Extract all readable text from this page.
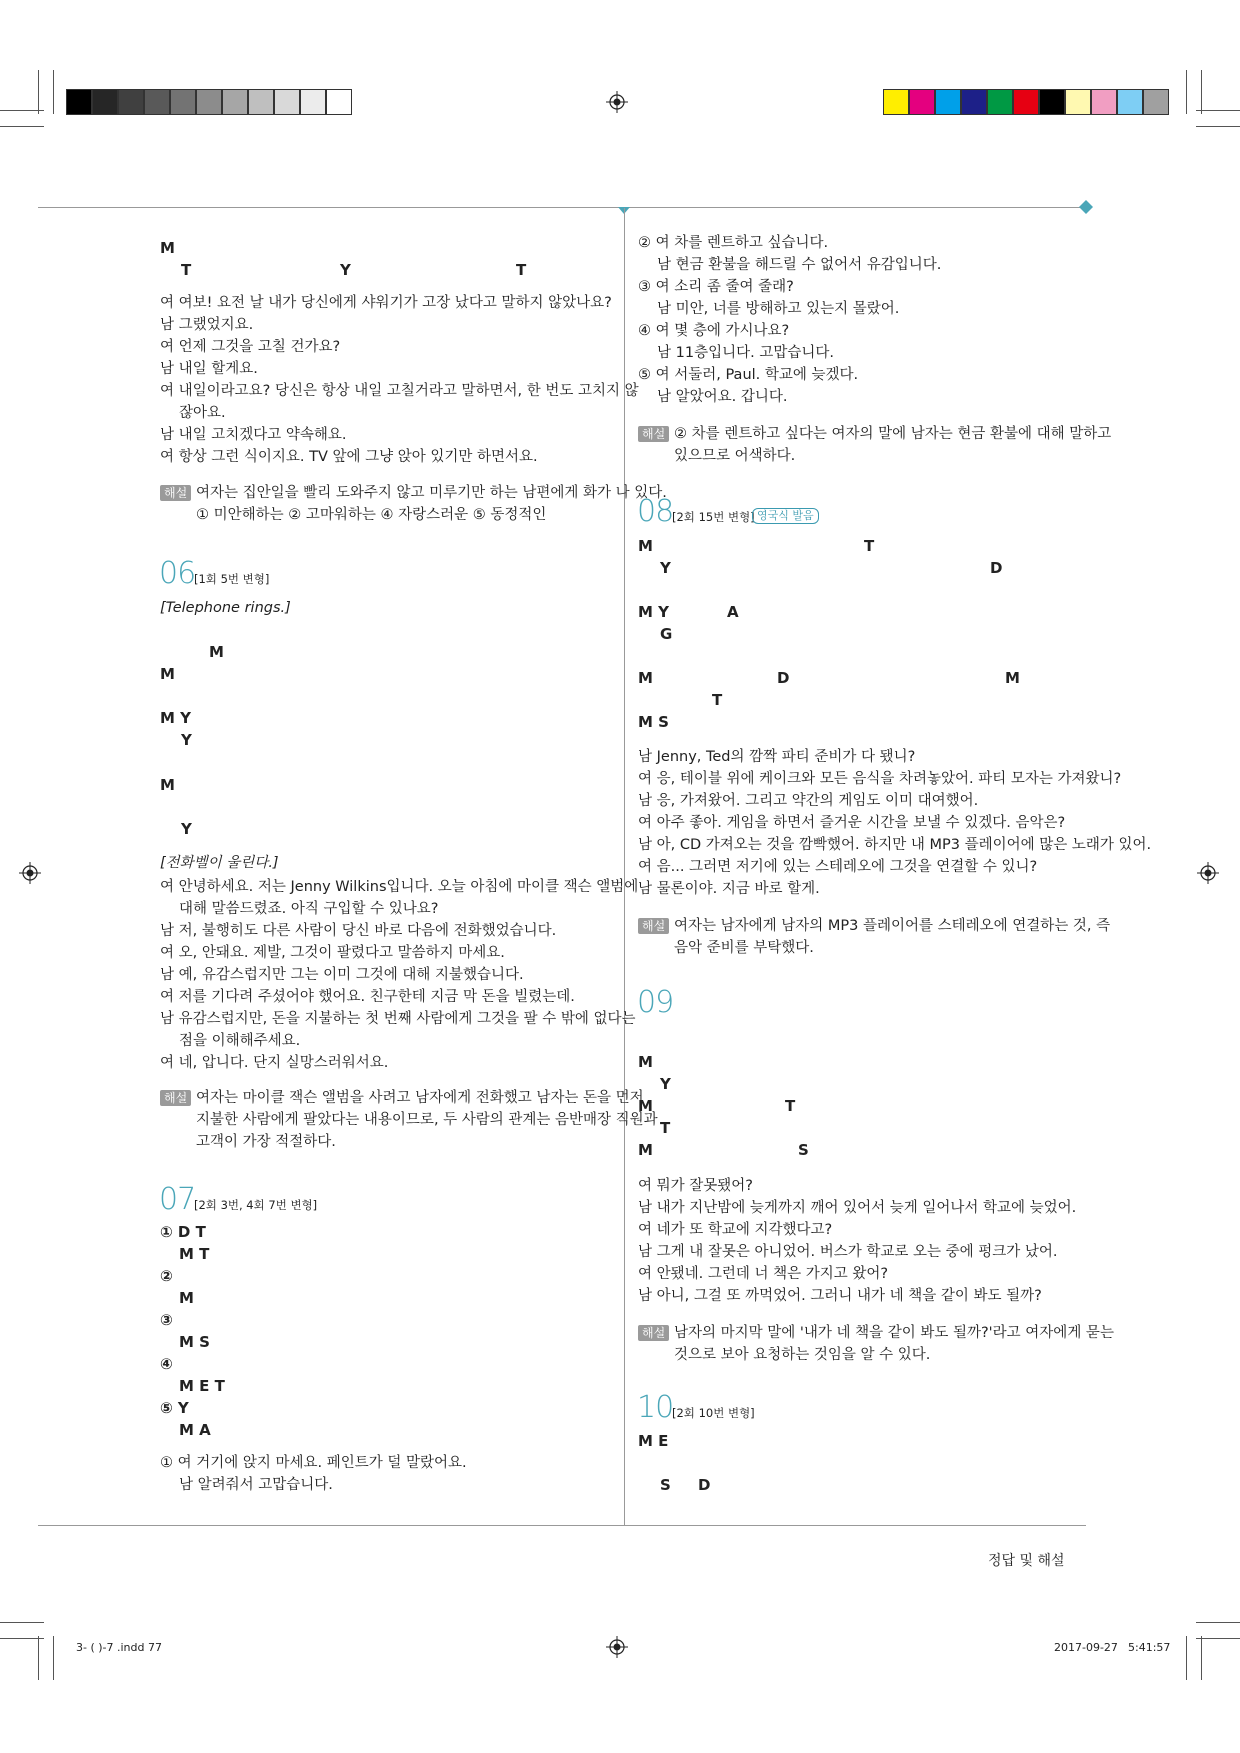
M
T	Y	T
여 여보! 요전 날 내가 당신에게 샤워기가 고장 났다고 말하지 않았나요?
남 그랬었지요.
여 언제 그것을 고칠 건가요?
남 내일 할게요.
여 내일이라고요? 당신은 항상 내일 고칠거라고 말하면서, 한 번도 고치지 않
잖아요.
남 내일 고치겠다고 약속해요.
여 항상 그런 식이지요. TV 앞에 그냥 앉아 있기만 하면서요.
해설 여자는 집안일을 빨리 도와주지 않고 미루기만 하는 남편에게 화가 나 있다.
① 미안해하는 ② 고마워하는 ④ 자랑스러운 ⑤ 동정적인
06
[1회 5번 변형]
[Telephone rings.]
M
M
M Y
Y
M
Y
[전화벨이 울린다.]
여 안녕하세요. 저는 Jenny Wilkins입니다. 오늘 아침에 마이클 잭슨 앨범에
대해 말씀드렸죠. 아직 구입할 수 있나요?
남 저, 불행히도 다른 사람이 당신 바로 다음에 전화했었습니다.
여 오, 안돼요. 제발, 그것이 팔렸다고 말씀하지 마세요.
남 예, 유감스럽지만 그는 이미 그것에 대해 지불했습니다.
여 저를 기다려 주셨어야 했어요. 친구한테 지금 막 돈을 빌렸는데.
남 유감스럽지만, 돈을 지불하는 첫 번째 사람에게 그것을 팔 수 밖에 없다는
점을 이해해주세요.
여 네, 압니다. 단지 실망스러워서요.
해설 여자는 마이클 잭슨 앨범을 사려고 남자에게 전화했고 남자는 돈을 먼저
지불한 사람에게 팔았다는 내용이므로, 두 사람의 관계는 음반매장 직원과
고객이 가장 적절하다.
07
[2회 3번, 4회 7번 변형]
① D T
M T
②
M
③
M S
④
M E T
⑤ Y
M A
① 여 거기에 앉지 마세요. 페인트가 덜 말랐어요.
남 알려줘서 고맙습니다.
② 여 차를 렌트하고 싶습니다.
남 현금 환불을 해드릴 수 없어서 유감입니다.
③ 여 소리 좀 줄여 줄래?
남 미안, 너를 방해하고 있는지 몰랐어.
④ 여 몇 층에 가시나요?
남 11층입니다. 고맙습니다.
⑤ 여 서둘러, Paul. 학교에 늦겠다.
남 알았어요. 갑니다.
해설 ② 차를 렌트하고 싶다는 여자의 말에 남자는 현금 환불에 대해 말하고
있으므로 어색하다.
08
[2회 15번 변형] 영국식 발음
M	T
Y	D
M Y	A
G
M	D	M
T
M S
남 Jenny, Ted의 깜짝 파티 준비가 다 됐니?
여 응, 테이블 위에 케이크와 모든 음식을 차려놓았어. 파티 모자는 가져왔니?
남 응, 가져왔어. 그리고 약간의 게임도 이미 대여했어.
여 아주 좋아. 게임을 하면서 즐거운 시간을 보낼 수 있겠다. 음악은?
남 아, CD 가져오는 것을 깜빡했어. 하지만 내 MP3 플레이어에 많은 노래가 있어.
여 음... 그러면 저기에 있는 스테레오에 그것을 연결할 수 있니?
남 물론이야. 지금 바로 할게.
해설 여자는 남자에게 남자의 MP3 플레이어를 스테레오에 연결하는 것, 즉
음악 준비를 부탁했다.
09
M
Y
M	T
T
M	S
여 뭐가 잘못됐어?
남 내가 지난밤에 늦게까지 깨어 있어서 늦게 일어나서 학교에 늦었어.
여 네가 또 학교에 지각했다고?
남 그게 내 잘못은 아니었어. 버스가 학교로 오는 중에 펑크가 났어.
여 안됐네. 그런데 너 책은 가지고 왔어?
남 아니, 그걸 또 까먹었어. 그러니 내가 네 책을 같이 봐도 될까?
해설 남자의 마지막 말에 '내가 네 책을 같이 봐도 될까?'라고 여자에게 묻는
것으로 보아 요청하는 것임을 알 수 있다.
10
[2회 10번 변형]
M E
S D
정답 및 해설
3- ( )-7 .indd 77	2017-09-27 5:41:57
